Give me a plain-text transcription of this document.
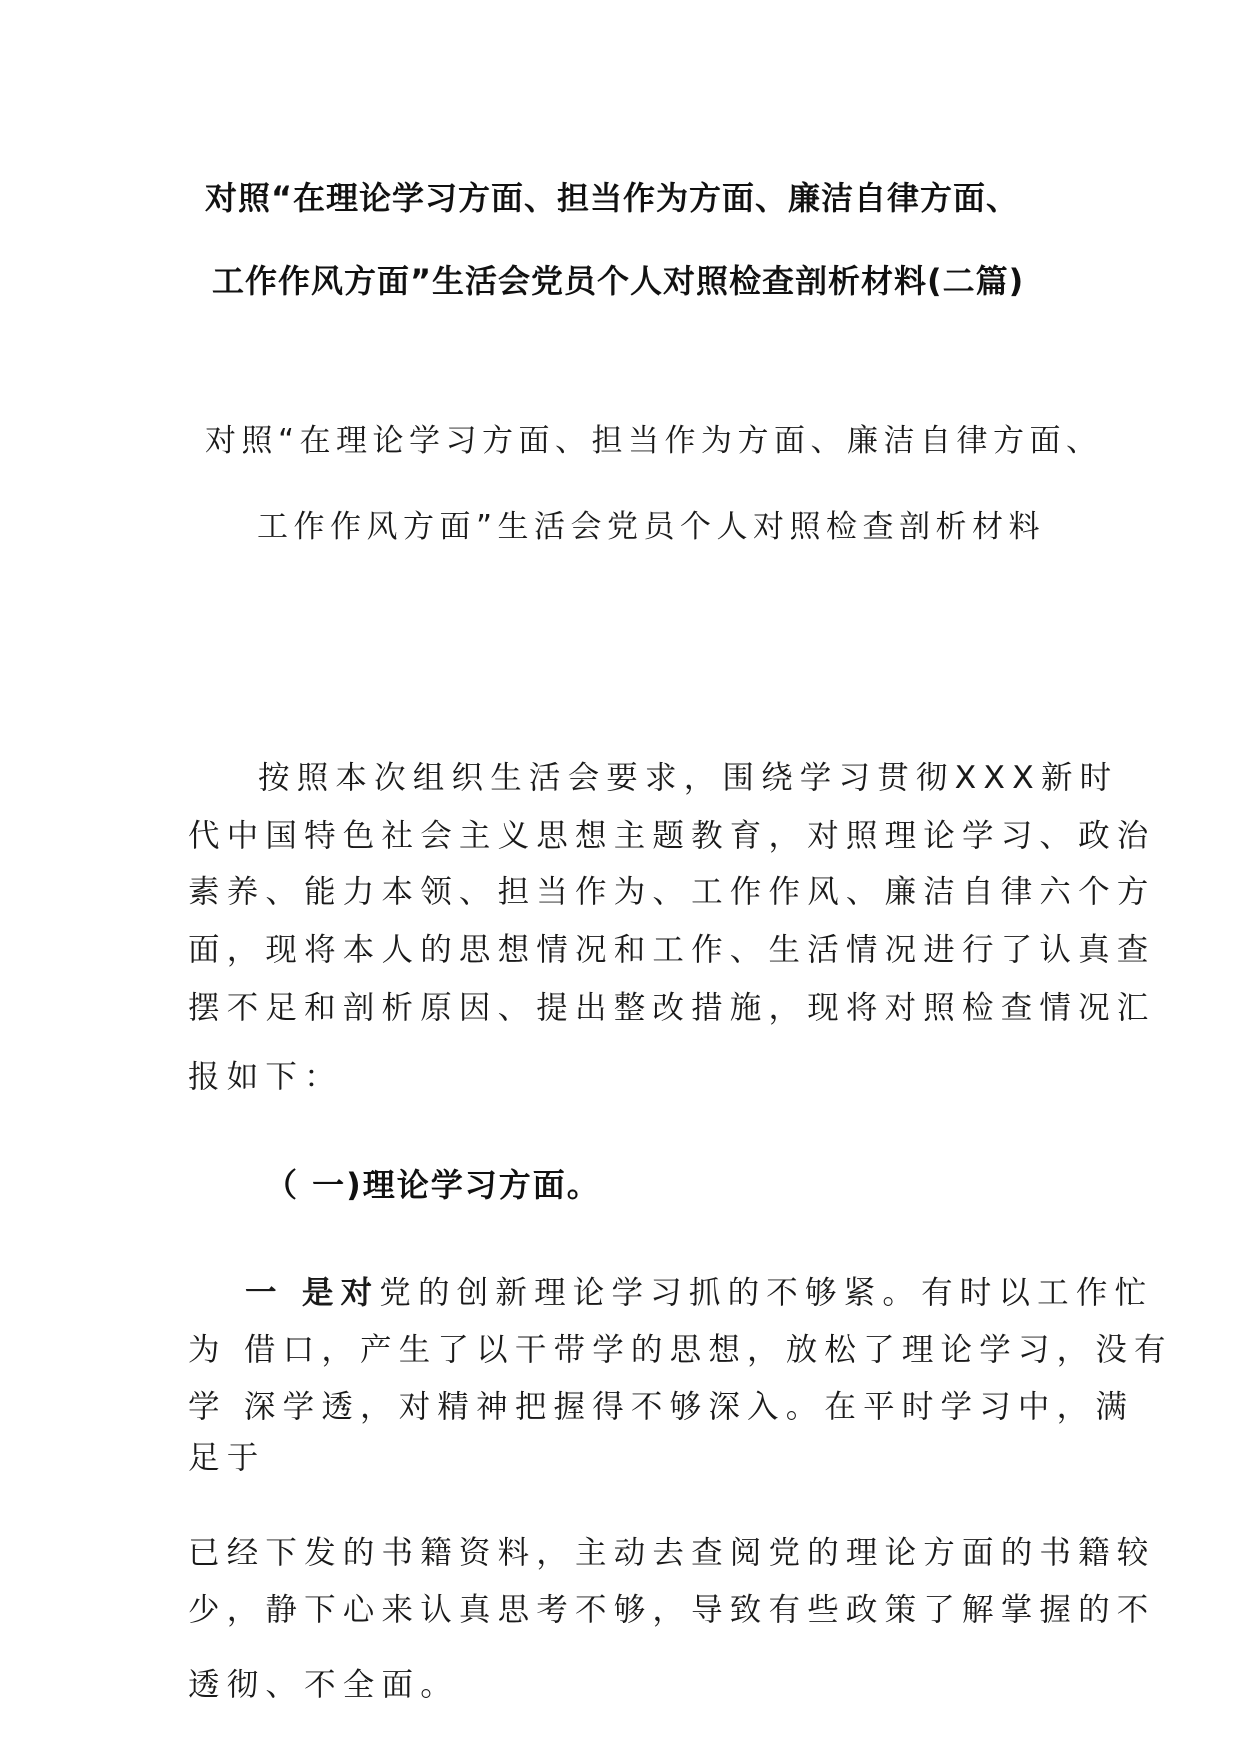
对照“在理论学习方面、担当作为方面、廉洁自律方面、

工作作风方面”生活会党员个人对照检查剖析材料(二篇)

对照“在理论学习方面、担当作为方面、廉洁自律方面、

工作作风方面”生活会党员个人对照检查剖析材料

按照本次组织生活会要求，围绕学习贯彻XXX新时

代中国特色社会主义思想主题教育，对照理论学习、政治

素养、能力本领、担当作为、工作作风、廉洁自律六个方

面，现将本人的思想情况和工作、生活情况进行了认真查

摆不足和剖析原因、提出整改措施，现将对照检查情况汇

报如下：

（ 一)理论学习方面。

一 是对党的创新理论学习抓的不够紧。有时以工作忙

为 借口，产生了以干带学的思想，放松了理论学习，没有

学 深学透，对精神把握得不够深入。在平时学习中，满

足于

已经下发的书籍资料，主动去查阅党的理论方面的书籍较

少，静下心来认真思考不够，导致有些政策了解掌握的不

透彻、不全面。
